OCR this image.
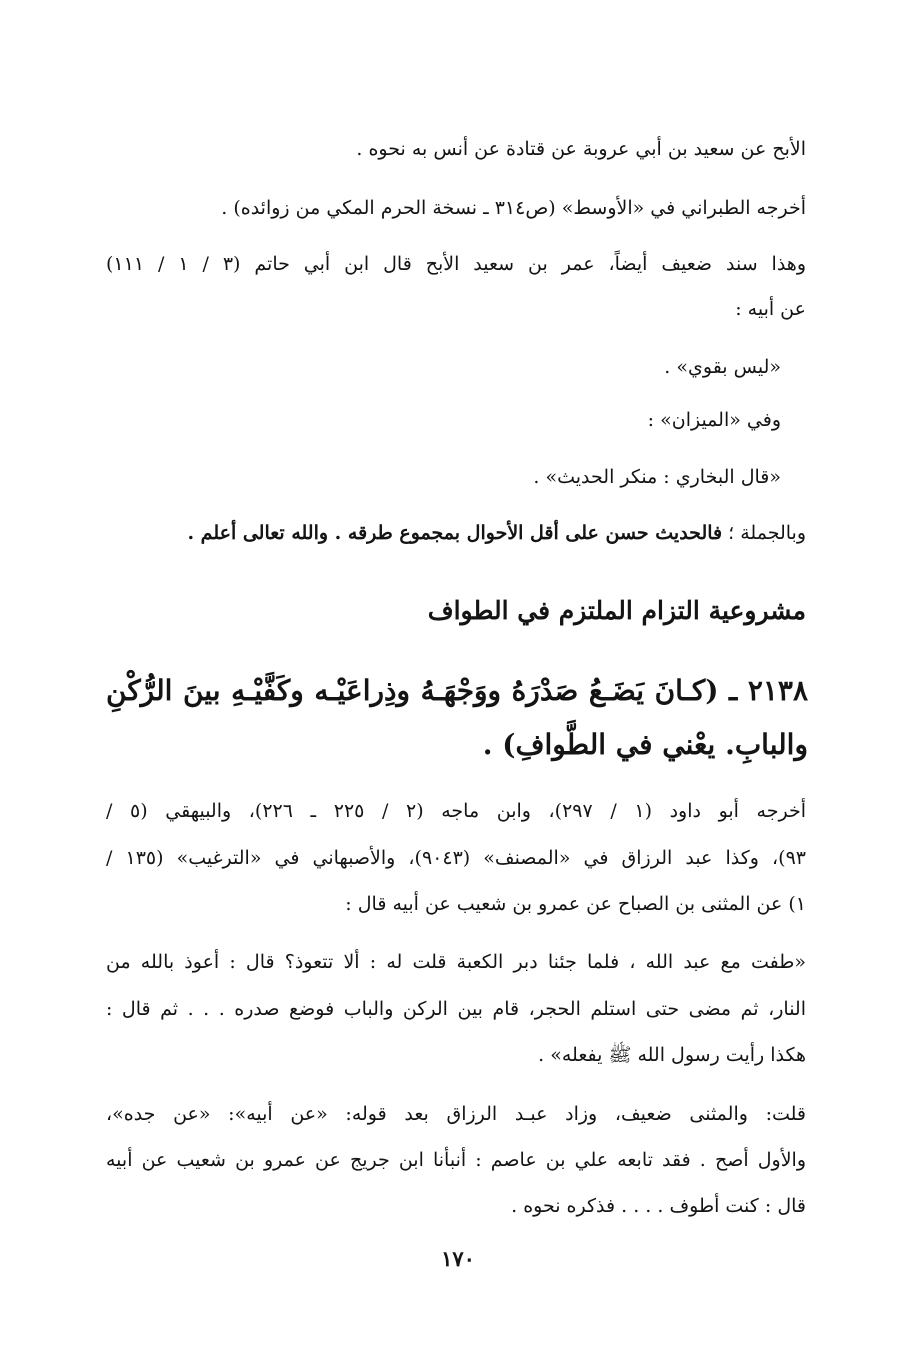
الأبح عن سعيد بن أبي عروبة عن قتادة عن أنس به نحوه .
أخرجه الطبراني في «الأوسط» (ص٣١٤ ـ نسخة الحرم المكي من زوائده) .
وهذا سند ضعيف أيضاً، عمر بن سعيد الأبح قال ابن أبي حاتم (٣ / ١ / ١١١)
عن أبيه :
«ليس بقوي» .
وفي «الميزان» :
«قال البخاري : منكر الحديث» .
وبالجملة ؛ فالحديث حسن على أقل الأحوال بمجموع طرقه . والله تعالى أعلم .
مشروعية التزام الملتزم في الطواف
٢١٣٨ ـ (كـانَ يَضَـعُ صَدْرَهُ ووَجْهَـهُ وذِراعَيْـه وكَفَّيْـهِ بينَ الرُّكْنِ
والبابِ. يعْني في الطَّوافِ) .
أخرجه أبو داود (١ / ٢٩٧)، وابن ماجه (٢ / ٢٢٥ ـ ٢٢٦)، والبيهقي (٥ /
٩٣)، وكذا عبد الرزاق في «المصنف» (٩٠٤٣)، والأصبهاني في «الترغيب» (١٣٥ /
١) عن المثنى بن الصباح عن عمرو بن شعيب عن أبيه قال :
«طفت مع عبد الله ، فلما جئنا دبر الكعبة قلت له : ألا تتعوذ؟ قال : أعوذ بالله من
النار، ثم مضى حتى استلم الحجر، قام بين الركن والباب فوضع صدره . . . ثم قال :
هكذا رأيت رسول الله ﷺ يفعله» .
قلت: والمثنى ضعيف، وزاد عبـد الرزاق بعد قوله: «عن أبيه»: «عن جده»،
والأول أصح . فقد تابعه علي بن عاصم : أنبأنا ابن جريج عن عمرو بن شعيب عن أبيه
قال : كنت أطوف . . . . فذكره نحوه .
١٧٠
